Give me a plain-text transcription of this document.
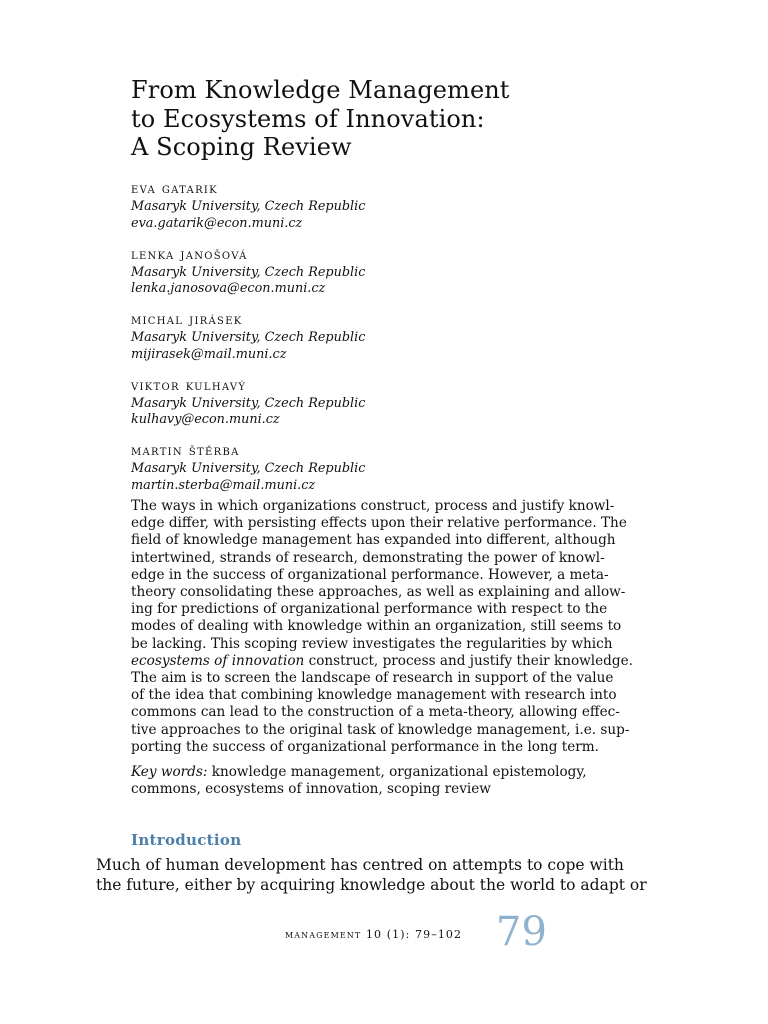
From Knowledge Management
to Ecosystems of Innovation:
A Scoping Review
eva gatarik
Masaryk University, Czech Republic
eva.gatarik@econ.muni.cz
lenka janošová
Masaryk University, Czech Republic
lenka.janosova@econ.muni.cz
michal jirásek
Masaryk University, Czech Republic
mijirasek@mail.muni.cz
viktor kulhavý
Masaryk University, Czech Republic
kulhavy@econ.muni.cz
martin štěrba
Masaryk University, Czech Republic
martin.sterba@mail.muni.cz
The ways in which organizations construct, process and justify knowl-
edge differ, with persisting effects upon their relative performance. The
field of knowledge management has expanded into different, although
intertwined, strands of research, demonstrating the power of knowl-
edge in the success of organizational performance. However, a meta-
theory consolidating these approaches, as well as explaining and allow-
ing for predictions of organizational performance with respect to the
modes of dealing with knowledge within an organization, still seems to
be lacking. This scoping review investigates the regularities by which
ecosystems of innovation construct, process and justify their knowledge.
The aim is to screen the landscape of research in support of the value
of the idea that combining knowledge management with research into
commons can lead to the construction of a meta-theory, allowing effec-
tive approaches to the original task of knowledge management, i.e. sup-
porting the success of organizational performance in the long term.
Key words: knowledge management, organizational epistemology,
commons, ecosystems of innovation, scoping review
Introduction
Much of human development has centred on attempts to cope with
the future, either by acquiring knowledge about the world to adapt or
management 10 (1): 79–102 79
